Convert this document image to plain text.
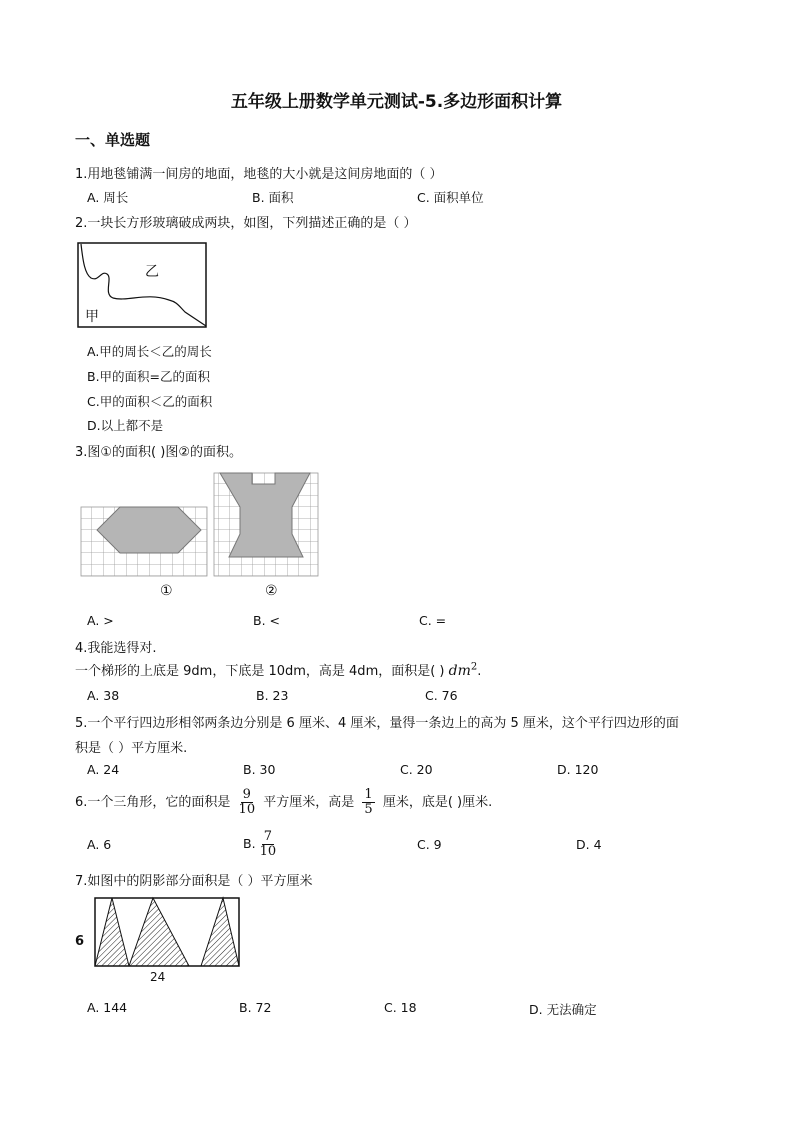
五年级上册数学单元测试-5.多边形面积计算
一、单选题
1.用地毯铺满一间房的地面，地毯的大小就是这间房地面的（ ）
A. 周长	B. 面积	C. 面积单位
2.一块长方形玻璃破成两块，如图，下列描述正确的是（ ）
乙
甲
A.甲的周长＜乙的周长
B.甲的面积=乙的面积
C.甲的面积＜乙的面积
D.以上都不是
3.图①的面积( )图②的面积。
①	②
A. >	B. <	C. =
4.我能选得对.
一个梯形的上底是 9dm，下底是 10dm，高是 4dm，面积是( ) $dm^2$.
A. 38	B. 23	C. 76
5.一个平行四边形相邻两条边分别是 6 厘米、4 厘米，量得一条边上的高为 5 厘米，这个平行四边形的面
积是（ ）平方厘米.
A. 24	B. 30	C. 20	D. 120
6.一个三角形，它的面积是 $\frac{9}{10}$ 平方厘米，高是 $\frac{1}{5}$ 厘米，底是( )厘米.
A. 6	B. $\frac{7}{10}$	C. 9	D. 4
7.如图中的阴影部分面积是（ ）平方厘米
6
24
A. 144	B. 72	C. 18	D. 无法确定
